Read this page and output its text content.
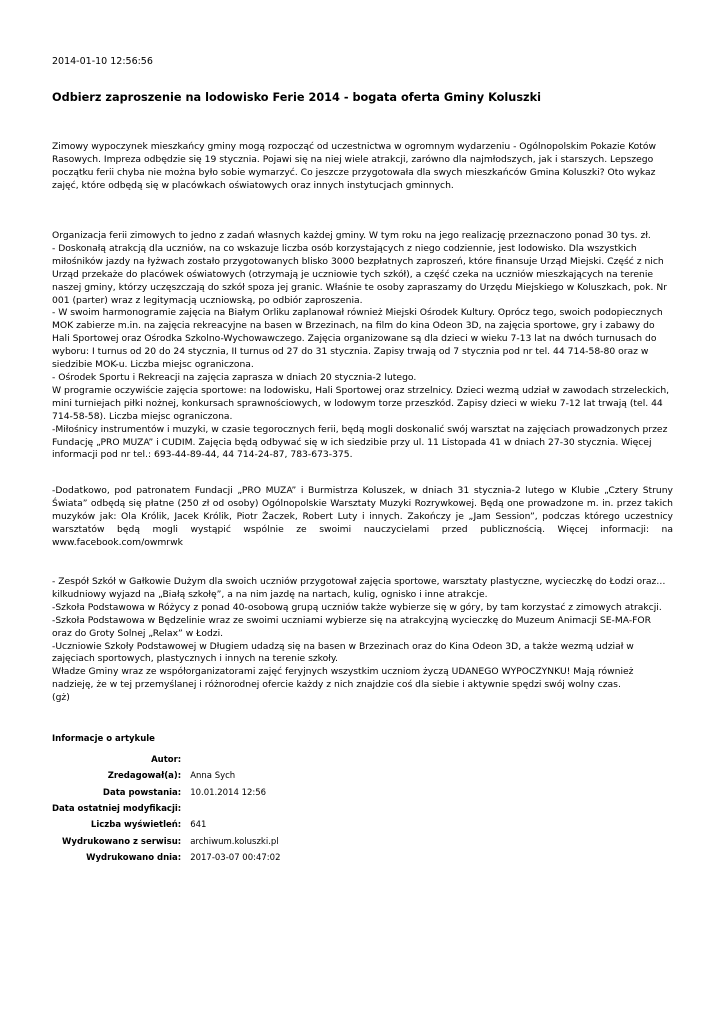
2014-01-10 12:56:56
Odbierz zaproszenie na lodowisko Ferie 2014 - bogata oferta Gminy Koluszki

Zimowy wypoczynek mieszkańcy gminy mogą rozpocząć od uczestnictwa w ogromnym wydarzeniu - Ogólnopolskim Pokazie Kotów Rasowych. Impreza odbędzie się 19 stycznia. Pojawi się na niej wiele atrakcji, zarówno dla najmłodszych, jak i starszych. Lepszego początku ferii chyba nie można było sobie wymarzyć. Co jeszcze przygotowała dla swych mieszkańców Gmina Koluszki? Oto wykaz zajęć, które odbędą się w placówkach oświatowych oraz innych instytucjach gminnych.

Organizacja ferii zimowych to jedno z zadań własnych każdej gminy. W tym roku na jego realizację przeznaczono ponad 30 tys. zł.

- Doskonałą atrakcją dla uczniów, na co wskazuje liczba osób korzystających z niego codziennie, jest lodowisko. Dla wszystkich miłośników jazdy na łyżwach zostało przygotowanych blisko 3000 bezpłatnych zaproszeń, które finansuje Urząd Miejski. Część z nich Urząd przekaże do placówek oświatowych (otrzymają je uczniowie tych szkół), a część czeka na uczniów mieszkających na terenie naszej gminy, którzy uczęszczają do szkół spoza jej granic. Właśnie te osoby zapraszamy do Urzędu Miejskiego w Koluszkach, pok. Nr 001 (parter) wraz z legitymacją uczniowską, po odbiór zaproszenia.

- W swoim harmonogramie zajęcia na Białym Orliku zaplanował również Miejski Ośrodek Kultury. Oprócz tego, swoich podopiecznych MOK zabierze m.in. na zajęcia rekreacyjne na basen w Brzezinach, na film do kina Odeon 3D, na zajęcia sportowe, gry i zabawy do Hali Sportowej oraz Ośrodka Szkolno-Wychowawczego. Zajęcia organizowane są dla dzieci w wieku 7-13 lat na dwóch turnusach do wyboru: I turnus od 20 do 24 stycznia, II turnus od 27 do 31 stycznia. Zapisy trwają od 7 stycznia pod nr tel. 44 714-58-80 oraz w siedzibie MOK-u. Liczba miejsc ograniczona.

- Ośrodek Sportu i Rekreacji na zajęcia zaprasza w dniach 20 stycznia-2 lutego.

W programie oczywiście zajęcia sportowe: na lodowisku, Hali Sportowej oraz strzelnicy. Dzieci wezmą udział w zawodach strzeleckich, mini turniejach piłki nożnej, konkursach sprawnościowych, w lodowym torze przeszkód. Zapisy dzieci w wieku 7-12 lat trwają (tel. 44 714-58-58). Liczba miejsc ograniczona.

-Miłośnicy instrumentów i muzyki, w czasie tegorocznych ferii, będą mogli doskonalić swój warsztat na zajęciach prowadzonych przez Fundację „PRO MUZA” i CUDIM. Zajęcia będą odbywać się w ich siedzibie przy ul. 11 Listopada 41 w dniach 27-30 stycznia. Więcej informacji pod nr tel.: 693-44-89-44, 44 714-24-87, 783-673-375.

-Dodatkowo, pod patronatem Fundacji „PRO MUZA” i Burmistrza Koluszek, w dniach 31 stycznia-2 lutego w Klubie „Cztery Struny Świata” odbędą się płatne (250 zł od osoby) Ogólnopolskie Warsztaty Muzyki Rozrywkowej. Będą one prowadzone m. in. przez takich muzyków jak: Ola Królik, Jacek Królik, Piotr Żaczek, Robert Luty i innych. Zakończy je „Jam Session”, podczas którego uczestnicy warsztatów będą mogli wystąpić wspólnie ze swoimi nauczycielami przed publicznością. Więcej informacji: na www.facebook.com/owmrwk

- Zespół Szkół w Gałkowie Dużym dla swoich uczniów przygotował zajęcia sportowe, warsztaty plastyczne, wycieczkę do Łodzi oraz… kilkudniowy wyjazd na „Białą szkołę”, a na nim jazdę na nartach, kulig, ognisko i inne atrakcje.

-Szkoła Podstawowa w Różycy z ponad 40-osobową grupą uczniów także wybierze się w góry, by tam korzystać z zimowych atrakcji.

-Szkoła Podstawowa w Będzelinie wraz ze swoimi uczniami wybierze się na atrakcyjną wycieczkę do Muzeum Animacji SE-MA-FOR oraz do Groty Solnej „Relax” w Łodzi.

-Uczniowie Szkoły Podstawowej w Długiem udadzą się na basen w Brzezinach oraz do Kina Odeon 3D, a także wezmą udział w zajęciach sportowych, plastycznych i innych na terenie szkoły.

Władze Gminy wraz ze współorganizatorami zajęć feryjnych wszystkim uczniom życzą UDANEGO WYPOCZYNKU! Mają również nadzieję, że w tej przemyślanej i różnorodnej ofercie każdy z nich znajdzie coś dla siebie i aktywnie spędzi swój wolny czas.

(gż)

Informacje o artykule
Autor:	
Zredagował(a):	Anna Sych
Data powstania:	10.01.2014 12:56
Data ostatniej modyfikacji:	
Liczba wyświetleń:	641
Wydrukowano z serwisu:	archiwum.koluszki.pl
Wydrukowano dnia:	2017-03-07 00:47:02
